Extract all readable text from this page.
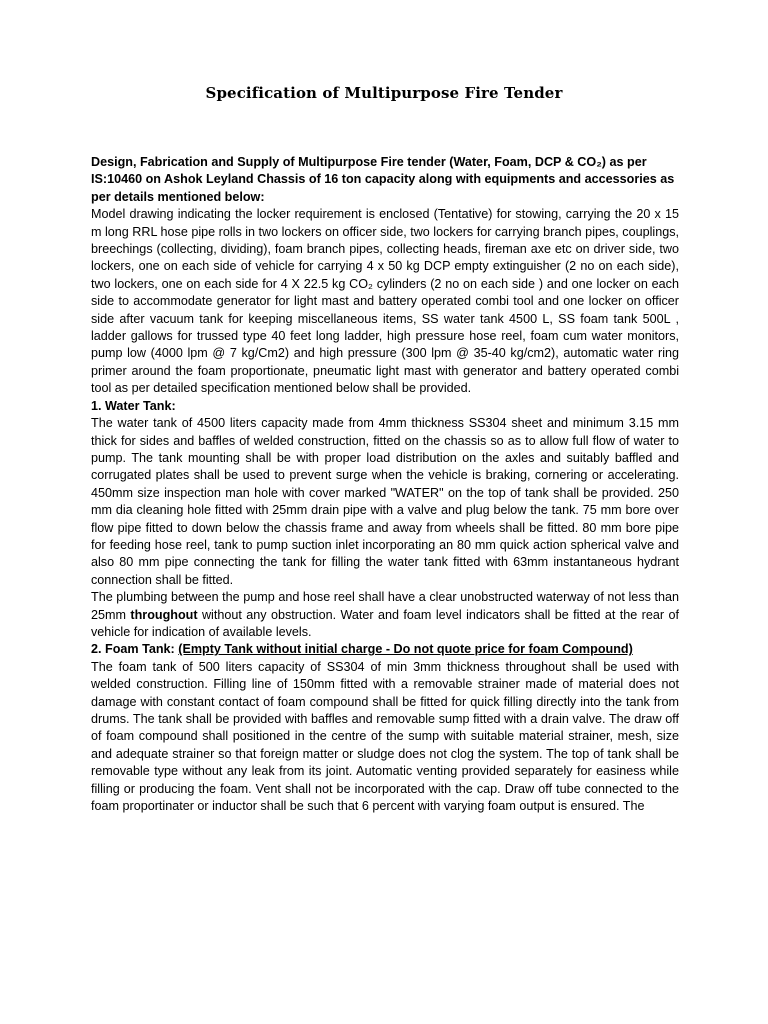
Specification of Multipurpose Fire Tender

Design, Fabrication and Supply of Multipurpose Fire tender (Water, Foam, DCP & CO₂) as per IS:10460 on Ashok Leyland Chassis of 16 ton capacity along with equipments and accessories as per details mentioned below:

Model drawing indicating the locker requirement is enclosed (Tentative) for stowing, carrying the 20 x 15 m long RRL hose pipe rolls in two lockers on officer side, two lockers for carrying branch pipes, couplings, breechings (collecting, dividing), foam branch pipes, collecting heads, fireman axe etc on driver side, two lockers, one on each side of vehicle for carrying 4 x 50 kg DCP empty extinguisher (2 no on each side), two lockers, one on each side for 4 X 22.5 kg CO₂ cylinders (2 no on each side ) and one locker on each side to accommodate generator for light mast and battery operated combi tool and one locker on officer side after vacuum tank for keeping miscellaneous items, SS water tank 4500 L, SS foam tank 500L , ladder gallows for trussed type 40 feet long ladder, high pressure hose reel, foam cum water monitors, pump low (4000 lpm @ 7 kg/Cm2) and high pressure (300 lpm @ 35-40 kg/cm2), automatic water ring primer around the foam proportionate, pneumatic light mast with generator and battery operated combi tool as per detailed specification mentioned below shall be provided.

1. Water Tank:

The water tank of 4500 liters capacity made from 4mm thickness SS304 sheet and minimum 3.15 mm thick for sides and baffles of welded construction, fitted on the chassis so as to allow full flow of water to pump. The tank mounting shall be with proper load distribution on the axles and suitably baffled and corrugated plates shall be used to prevent surge when the vehicle is braking, cornering or accelerating. 450mm size inspection man hole with cover marked "WATER" on the top of tank shall be provided. 250 mm dia cleaning hole fitted with 25mm drain pipe with a valve and plug below the tank. 75 mm bore over flow pipe fitted to down below the chassis frame and away from wheels shall be fitted. 80 mm bore pipe for feeding hose reel, tank to pump suction inlet incorporating an 80 mm quick action spherical valve and also 80 mm pipe connecting the tank for filling the water tank fitted with 63mm instantaneous hydrant connection shall be fitted.

The plumbing between the pump and hose reel shall have a clear unobstructed waterway of not less than 25mm throughout without any obstruction. Water and foam level indicators shall be fitted at the rear of vehicle for indication of available levels.

2. Foam Tank: (Empty Tank without initial charge - Do not quote price for foam Compound)

The foam tank of 500 liters capacity of SS304 of min 3mm thickness throughout shall be used with welded construction. Filling line of 150mm fitted with a removable strainer made of material does not damage with constant contact of foam compound shall be fitted for quick filling directly into the tank from drums. The tank shall be provided with baffles and removable sump fitted with a drain valve. The draw off of foam compound shall positioned in the centre of the sump with suitable material strainer, mesh, size and adequate strainer so that foreign matter or sludge does not clog the system. The top of tank shall be removable type without any leak from its joint. Automatic venting provided separately for easiness while filling or producing the foam. Vent shall not be incorporated with the cap. Draw off tube connected to the foam proportinater or inductor shall be such that 6 percent with varying foam output is ensured. The
